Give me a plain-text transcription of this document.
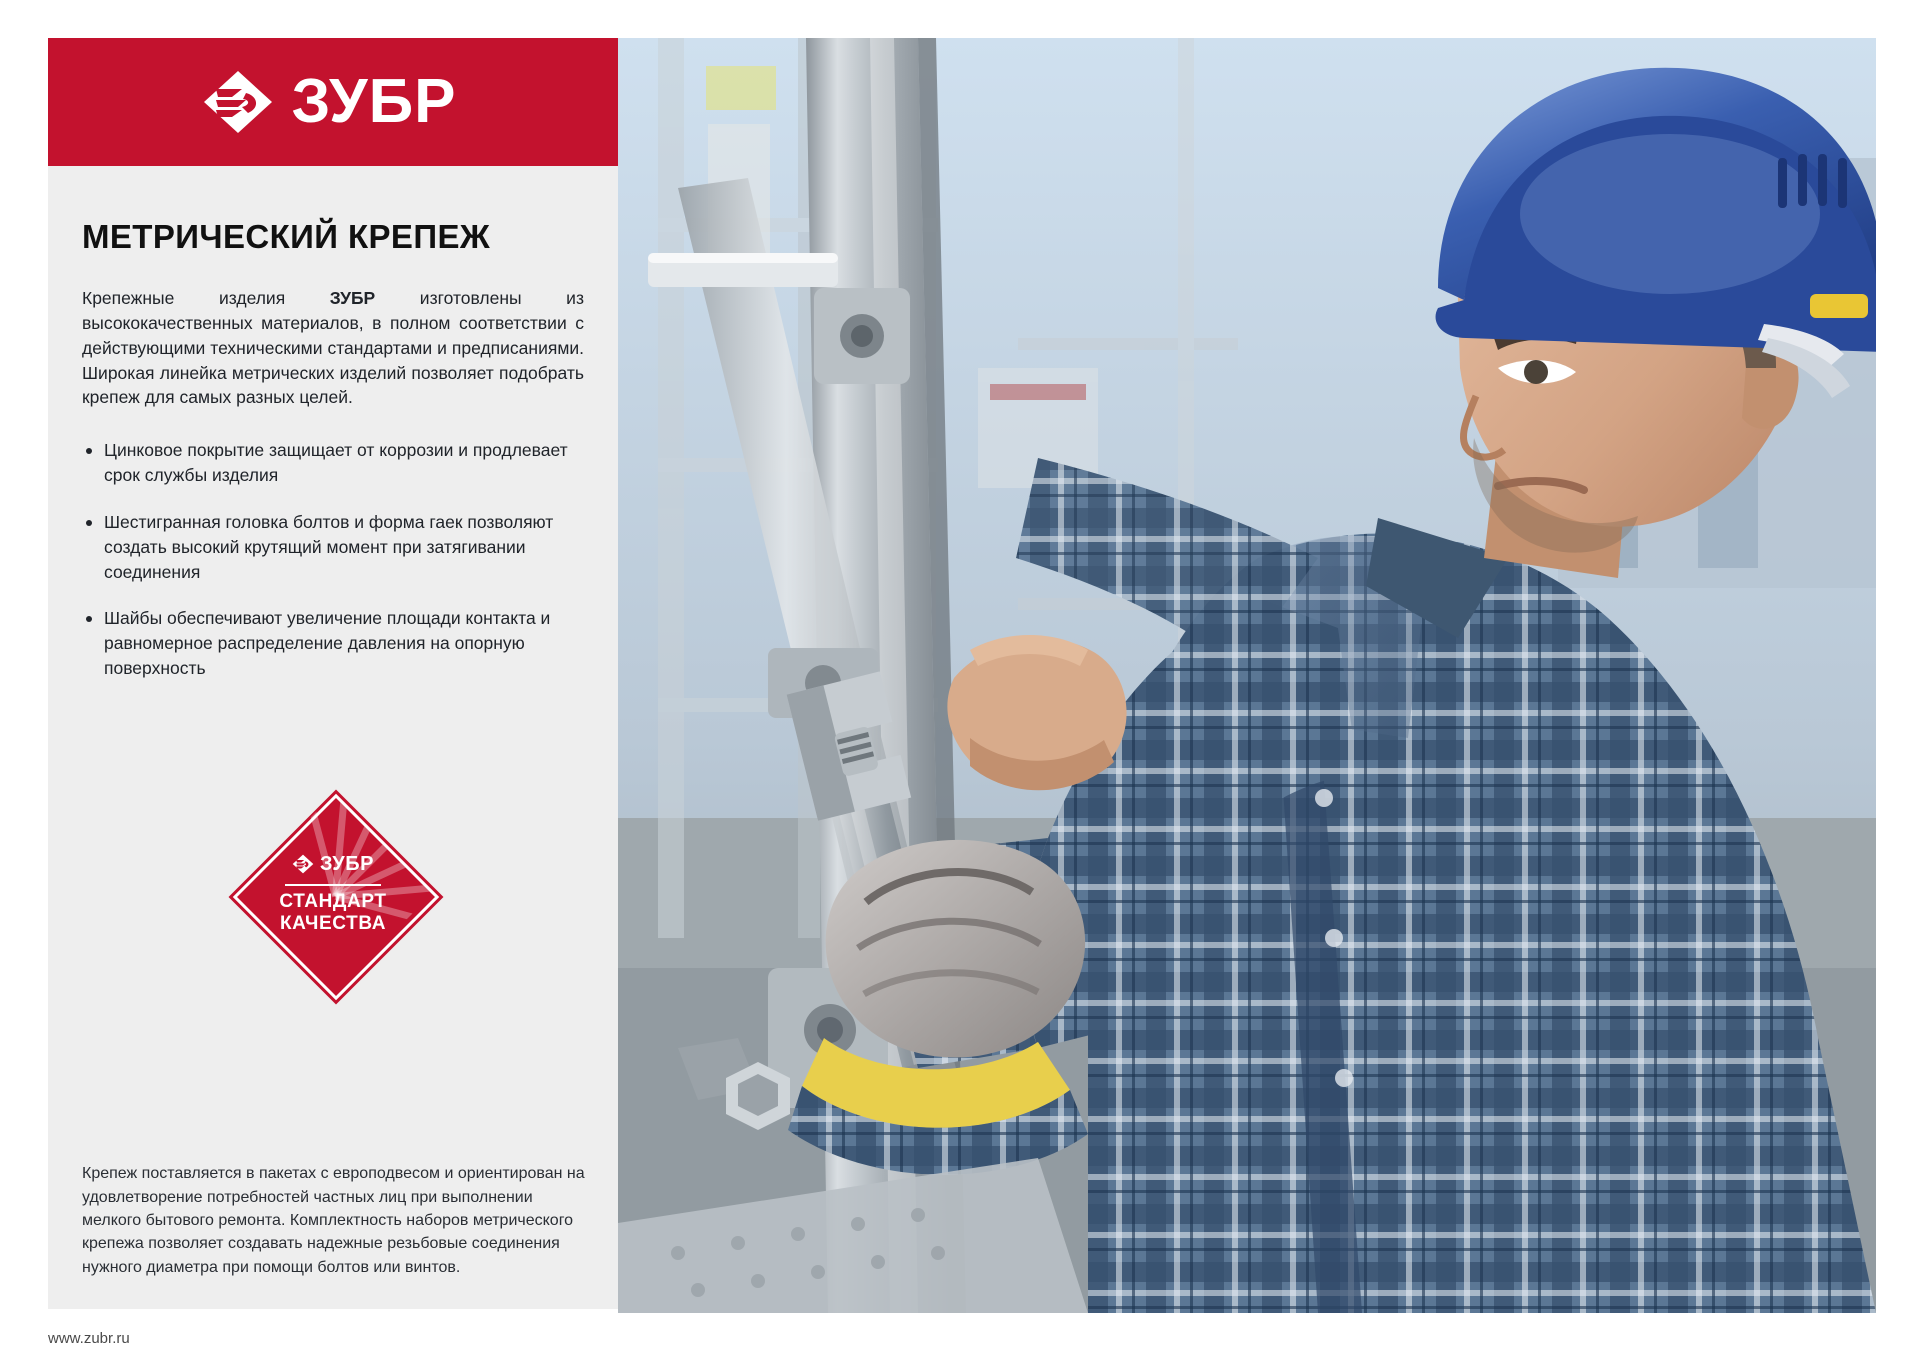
ЗУБР
МЕТРИЧЕСКИЙ КРЕПЕЖ

Крепежные изделия ЗУБР изготовлены из высококачественных материалов, в полном соответствии с действующими техническими стандартами и предписаниями. Широкая линейка метрических изделий позволяет подобрать крепеж для самых разных целей.

Цинковое покрытие защищает от коррозии и продлевает срок службы изделия
Шестигранная головка болтов и форма гаек позволяют создать высокий крутящий момент при затягивании соединения
Шайбы обеспечивают увеличение площади контакта и равномерное распределение давления на опорную поверхность
ЗУБР
СТАНДАРТ
КАЧЕСТВА
Крепеж поставляется в пакетах с европодвесом и ориентирован на удовлетворение потребностей частных лиц при выполнении мелкого бытового ремонта. Комплектность наборов метрического крепежа позволяет создавать надежные резьбовые соединения нужного диаметра при помощи болтов или винтов.
www.zubr.ru
